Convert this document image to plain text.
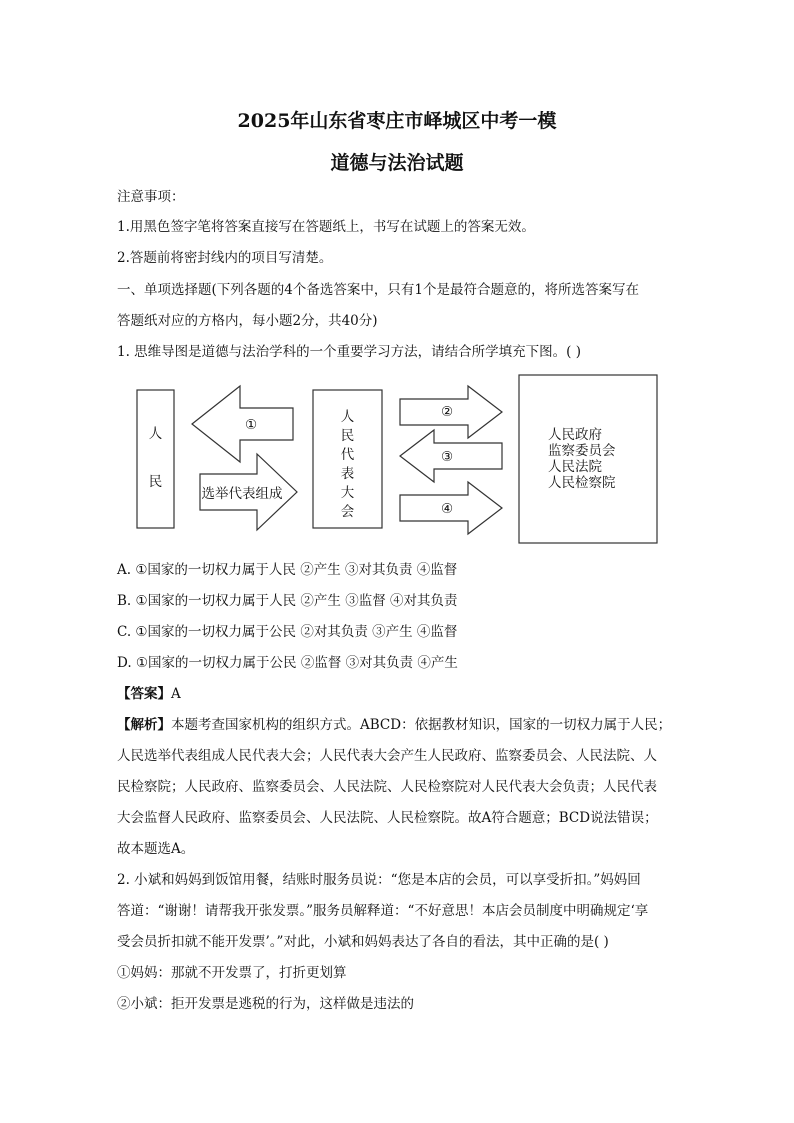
2025年山东省枣庄市峄城区中考一模
道德与法治试题
注意事项：
1.用黑色签字笔将答案直接写在答题纸上，书写在试题上的答案无效。
2.答题前将密封线内的项目写清楚。
一、单项选择题(下列各题的4个备选答案中，只有1个是最符合题意的，将所选答案写在
答题纸对应的方格内，每小题2分，共40分)
1. 思维导图是道德与法治学科的一个重要学习方法，请结合所学填充下图。( )
人
民
①
选举代表组成
人
民
代
表
大
会
②
③
④
人民政府
监察委员会
人民法院
人民检察院
A. ①国家的一切权力属于人民 ②产生 ③对其负责 ④监督
B. ①国家的一切权力属于人民 ②产生 ③监督 ④对其负责
C. ①国家的一切权力属于公民 ②对其负责 ③产生 ④监督
D. ①国家的一切权力属于公民 ②监督 ③对其负责 ④产生
【答案】A
【解析】本题考查国家机构的组织方式。ABCD：依据教材知识，国家的一切权力属于人民；
人民选举代表组成人民代表大会；人民代表大会产生人民政府、监察委员会、人民法院、人
民检察院；人民政府、监察委员会、人民法院、人民检察院对人民代表大会负责；人民代表
大会监督人民政府、监察委员会、人民法院、人民检察院。故A符合题意；BCD说法错误；
故本题选A。
2. 小斌和妈妈到饭馆用餐，结账时服务员说：“您是本店的会员，可以享受折扣。”妈妈回
答道：“谢谢！请帮我开张发票。”服务员解释道：“不好意思！本店会员制度中明确规定‘享
受会员折扣就不能开发票’。”对此，小斌和妈妈表达了各自的看法，其中正确的是( )
①妈妈：那就不开发票了，打折更划算
②小斌：拒开发票是逃税的行为，这样做是违法的
